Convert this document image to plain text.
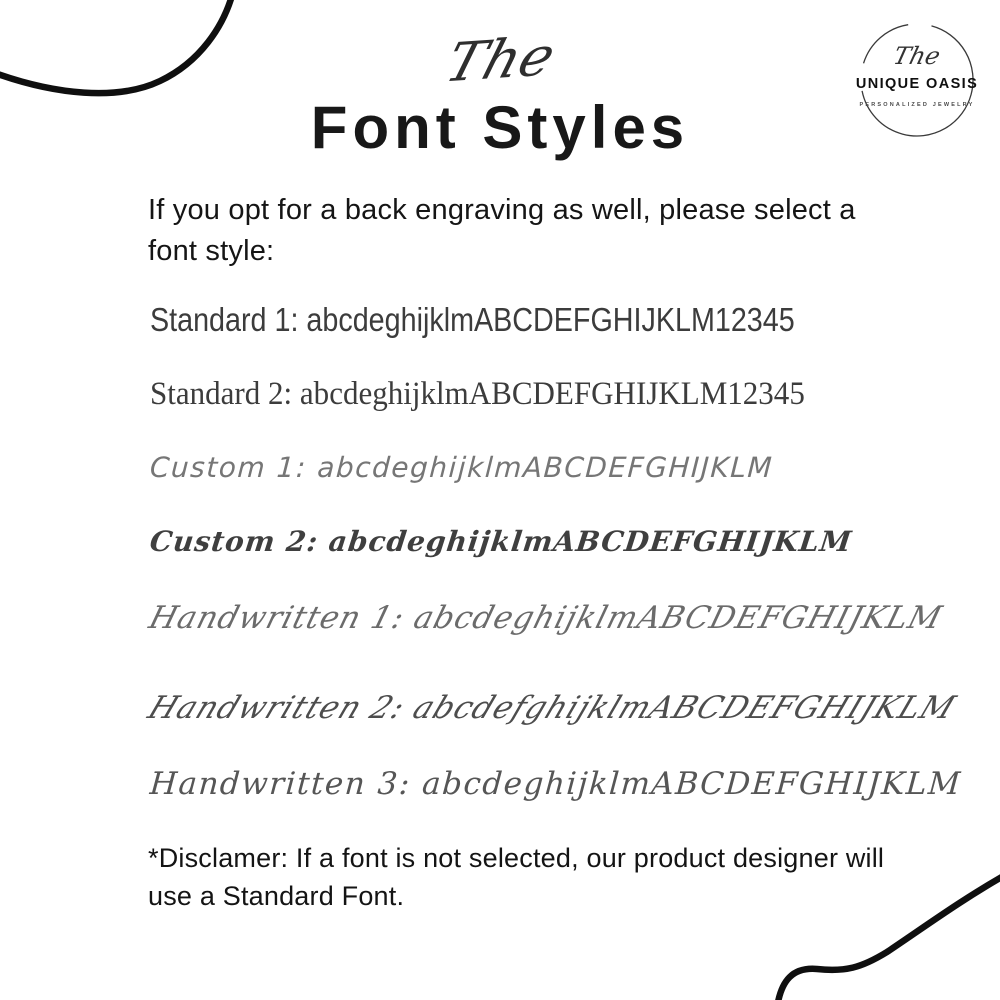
The
UNIQUE OASIS
PERSONALIZED JEWELRY
The
Font Styles

If you opt for a back engraving as well, please select a font style:

Standard 1: abcdeghijklmABCDEFGHIJKLM12345
Standard 2: abcdeghijklmABCDEFGHIJKLM12345
Custom 1: abcdeghijklmABCDEFGHIJKLM
Custom 2: abcdeghijklmABCDEFGHIJKLM
Handwritten 1: abcdeghijklmABCDEFGHIJKLM
Handwritten 2: abcdefghijklmABCDEFGHIJKLM
Handwritten 3: abcdeghijklmABCDEFGHIJKLM

*Disclamer: If a font is not selected, our product designer will use a Standard Font.
